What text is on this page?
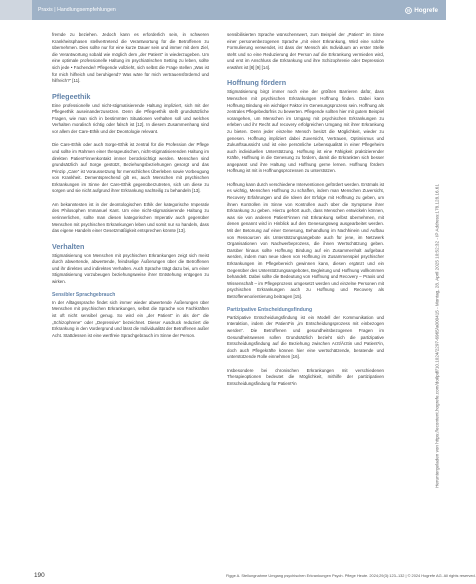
Praxis | Handlungsempfehlungen	Hogrefe

fremde zu beziehen. Jedoch kann es erforderlich sein, in schweren Krankheitsphasen stellvertretend die Verantwortung für die Betroffenen zu übernehmen. Dies sollte nur für eine kurze Dauer sein und immer mit dem Ziel, die Verantwortung sobald wie möglich dem „der Patient“ in wiederzugeben. Um eine optimale professionelle Haltung im psychiatrischen Setting zu leben, sollte sich jede • Fachende/r Pflegende vollzieht, sich selbst die Frage stellen „Was ist für mich hilfreich und beruhigend? Was wäre für mich vertrauensfördernd und hilfreich?“ [11].

Pflegeethik

Eine professionelle und nicht-stigmatisierende Haltung impliziert, sich mit der Pflegeethik auseinanderzusetzen. Denn die Pflegeethik stellt grundsätzliche Fragen, wie man sich in bestimmten Situationen verhalten soll und welches Verhalten moralisch richtig oder falsch ist [12]. In diesem Zusammenhang sind vor allem der Care-Ethik und der Deontologie relevant.

Die Care-Ethik oder auch Sorge-Ethik ist zentral für die Profession der Pflege und sollte im Rahmen einer therapeutischen, nicht-stigmatisierenden Haltung im direkten Patient*innenkontakt immer berücksichtigt werden. Menschen sind grundsätzlich auf Sorge gestützt, Beziehungsbeziehungen gesorgt und das Prinzip „Care“ ist Voraussetzung für menschliches Überleben sowie Vorbeugung von Krankheit. Dementsprechend gilt es, auch Menschen mit psychischen Erkrankungen im Sinne der Care-Ethik gegenüberzutreten, sich um diese zu sorgen und sie nicht aufgrund ihrer Erkrankung nachteilig zu behandeln [13].

Am bekanntesten ist in der deontologischen Ethik der kategorische Imperativ des Philosophen Immanuel Kant. Um eine nicht-stigmatisierende Haltung zu verinnerlichen, sollte man diesen kategorischen Imperativ auch gegenüber Menschen mit psychischen Erkrankungen leben und somit nur so handeln, dass das eigene Handeln einer Gesetzmäßigkeit entsprechen könnte [13].

Verhalten

Stigmatisierung von Menschen mit psychischen Erkrankungen zeigt sich meist durch abwertende, abwertende, feindselige Äußerungen über die Betroffenen und ihr direktes und indirektes Verhalten. Auch Sprache trägt dazu bei, um einer Stigmatisierung vorzubeugen beziehungsweise ihrer Entstehung entgegen zu wirken.

Sensibler Sprachgebrauch

In der Alltagssprache findet sich immer wieder abwertende Äußerungen über Menschen mit psychischen Erkrankungen, selbst die Sprache von Fachkräften ist oft nicht sensibel genug. So wird ein „der Patient“ in als der“ die „Schizophrene“ oder „Depressive“ bezeichnet. Dieser Ausdruck reduziert die Erkrankung in den Vordergrund und lässt die Individualität der Betroffenen außer Acht. Stattdessen ist eine wertfreie Sprachgebrauch im Sinne der Person.

sensibilisierten Sprache wünschenswert, zum Beispiel der „Patient“ im Sinne einer personenbezogenen Sprache „mit einer Erkrankung, Wird eine solche Formulierung verwendet, ist dass der Mensch als Individuum an erster Stelle steht und so eine Reduzierung der Person auf die Erkrankung vermieden wird, und erst im Anschluss die Erkrankung und ihre Schizophrenie oder Depression erwähnt ist [8] [9] [14].

Hoffnung fördern

Stigmatisierung birgt immer noch eine der größten Barrieren dafür, dass Menschen mit psychischen Erkrankungen Hoffnung finden. Dabei kann Hoffnung Bindung ein wichtiger Faktor im Genesungsprozess sein. Hoffnung als zentrales Pflegebedürfnis zu bewerten. Pflegende sollten hier mit gutem Beispiel vorangehen, um Menschen im Umgang mit psychischen Erkrankungen zu erleben und ihr Recht auf recovery erfolgreichen Umgang mit ihrer Erkrankung zu bieten. Denn jeder einzelne Mensch besitzt die Möglichkeit, wieder zu genesen. Hoffnung impliziert dabei Zuversicht, Vertrauen, Optimismus und Zukunftsaussicht und ist eine persönliche Lebensqualität in einer Pflegeheim auch individuellen Unterstützung. Hoffnung ist eine Fähigkeit praktizierender Kräfte, Hoffnung in die Genesung zu fördern, damit die Erkrankten sich besser angepasst und ihre Haltung und Hoffnung gerne lernen. Hoffnung fördern Hoffnung ist mit in Hoffnungsprozessen zu unterstützen.

Hoffnung kann durch verschiedene Interventionen gefördert werden. Erstmals ist es wichtig, Menschen Hoffnung zu schaffen, indem man Menschen Zuversicht, Recovery Erfahrungen und die Ideen der Erfolge mit Hoffnung zu geben, um ihnen Kontrollen im Sinne von Kontrollen auch über die Symptome ihrer Erkrankung zu geben. Hierzu gehört auch, dass Menschen entwickeln können, was sie von anderen Patient*innen mit Erkrankung selbst übernehmen, mit denen genannt wird in Hinblick auf den Genesungsweg ausgearbeitet werden. Mit der Betonung auf einer Genesung, Behandlung im Nachhinein und Aufbau von Ressourcen als Unterstützungsangebote auch für jene, im Netzwerk Organisationen von Nachwerbeprozess, die ihnen Wertschätzung geben. Darüber hinaus sollte Hoffnung Bindung auf ein Zusammenhalt aufgebaut werden, indem man neue Ideen von Hoffnung im Zusammenspiel psychischer Erkrankungen im Pflegebereich gewinnen kann, diesen ergänzt und ein Gegenüber des Unterstützungsangebotes, Begleitung und Hoffnung vollkommen behandelt. Dabei sollte die Bedeutung von Hoffnung und Recovery – Praxis und Wissenschaft – im Pflegeprozess umgesetzt werden und einzelne Personen mit psychischen Erkrankungen auch zu Hoffnung und Recovery als Betroffenenorientierung beitragen [15].

Partizipative Entscheidungsfindung

Partizipative Entscheidungsfindung ist ein Modell der Kommunikation und Interaktion, indem der Patient*in „im Entscheidungsprozess mit einbezogen werden“. Die Betroffenen und gesundheitsbezogenen Fragen im Gesundheitswesen sollen Grundsätzlich bezieht sich die partizipative Entscheidungsfindung auf die Beziehung zwischen Arzt/Ärztin und Patient*in, doch auch Pflegekräfte können hier eine wertschätzende, beratende und unterstützende Rolle einnehmen [16].

Insbesondere bei chronischen Erkrankungen mit verschiedenen Therapieoptionen bedeutet die Möglichkeit, mithilfe der partizipativen Entscheidungsfindung für Patient*in	Heruntergeladen von https://econtent.hogrefe.com/doi/pdf/10.1024/2297-6965/a000415 - Montag, 28. April 2025 10:52:32 - IP Address:178.128.16.61
190	Figge A. Stellungnahme Umgang psychischen Erkrankungen Psych. Pflege Heute. 2024;29(3):123–132 | © 2024 Hogrefe AG. All rights reserved.
